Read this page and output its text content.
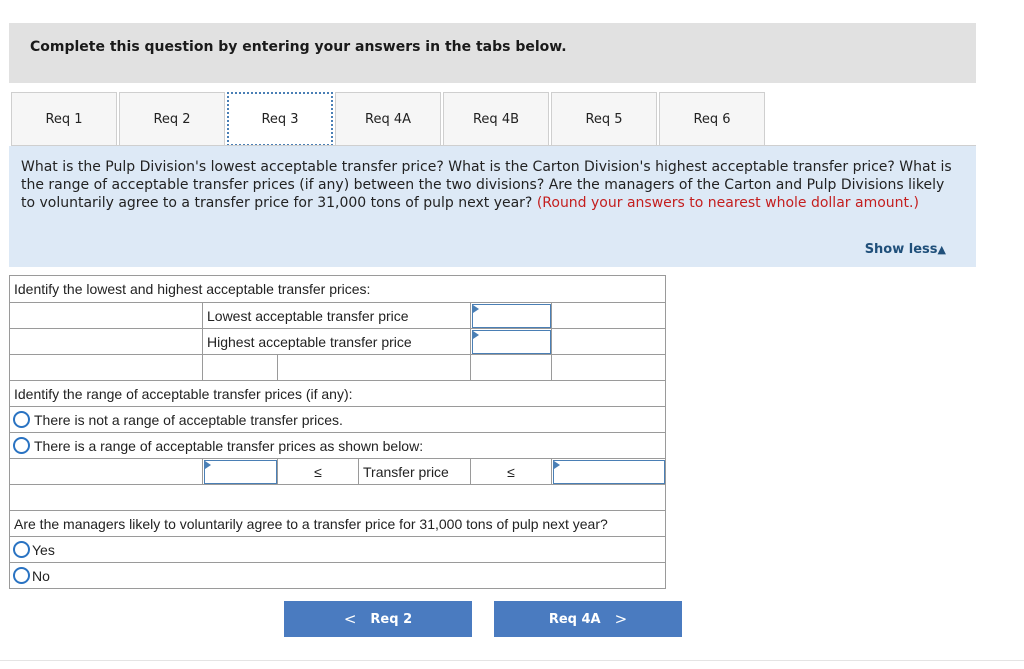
Complete this question by entering your answers in the tabs below.
Req 1	Req 2	Req 3	Req 4A	Req 4B	Req 5	Req 6
What is the Pulp Division's lowest acceptable transfer price? What is the Carton Division's highest acceptable transfer price? What is the range of acceptable transfer prices (if any) between the two divisions? Are the managers of the Carton and Pulp Divisions likely to voluntarily agree to a transfer price for 31,000 tons of pulp next year? (Round your answers to nearest whole dollar amount.)
Show less▲
Identify the lowest and highest acceptable transfer prices:
Lowest acceptable transfer price
Highest acceptable transfer price
Identify the range of acceptable transfer prices (if any):
There is not a range of acceptable transfer prices.
There is a range of acceptable transfer prices as shown below:
≤	Transfer price	≤
Are the managers likely to voluntarily agree to a transfer price for 31,000 tons of pulp next year?
Yes
No
< Req 2	Req 4A >
